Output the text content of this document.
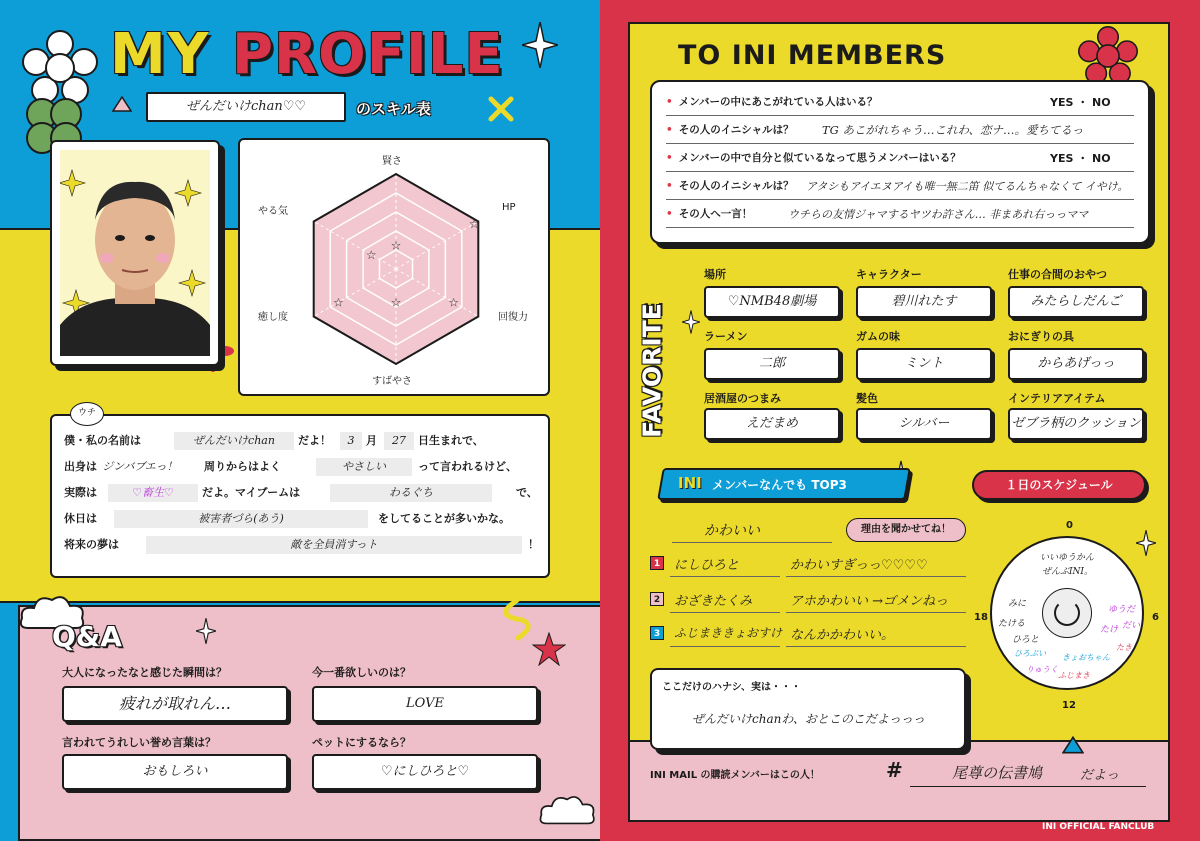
MY PROFILE
ぜんだいけchan♡♡	のスキル表
賢さ
HP
回復力
すばやさ
癒し度
やる気
☆
☆
☆
☆
☆
☆
ウチ
僕・私の名前は	ぜんだいけchan	だよ！	3	月	27	日生まれで、
出身は ジンバブエっ！ 周りからはよく	やさしい	って言われるけど、
実際は	♡畜生♡	だよ。マイブームは	わるぐち	で、
休日は	被害者づら(あう)	をしてることが多いかな。
将来の夢は	敵を全員消すっト	！
Q&A
大人になったなと感じた瞬間は？
疲れが取れん…
今一番欲しいのは？
LOVE
言われてうれしい誉め言葉は？
おもしろい
ペットにするなら？
♡にしひろと♡
TO INI MEMBERS
• メンバーの中にあこがれている人はいる？	YES ・ NO
• その人のイニシャルは？	TG あこがれちゃう…これわ、恋ナ…。愛ちてるっ
• メンバーの中で自分と似ているなって思うメンバーはいる？	YES ・ NO
• その人のイニシャルは？	アタシもアイエヌアイも唯一無二笛 似てるんちゃなくて イやけ。
• その人へ一言！	ウチらの友情ジャマするヤツわ許さん… 非まあれ右っっママ
FAVORITE
場所
♡NMB48劇場
キャラクター
碧川れたす
仕事の合間のおやつ
みたらしだんご
ラーメン
二郎
ガムの味
ミント
おにぎりの具
からあげっっ
居酒屋のつまみ
えだまめ
髪色
シルバー
インテリアアイテム
ゼブラ柄のクッション
INI メンバーなんでも TOP3
かわいい	理由を聞かせてね！
1 にしひろと	かわいすぎっっ♡♡♡♡
2 おざきたくみ	アホかわいい →ゴメンねっ
3	ふじまききょおすけ なんかかわいい。
１日のスケジュール
0
6
12
18
いいゆうかん
ぜんぶINI。
みに
たける
ひろと
ゆうだ
たけ だい
ひろぷい きょおちゃん
たき
りゅうく
ふじまき
ここだけのハナシ、実は・・・
ぜんだいけchanわ、おとこのこだよっっっ
INI MAIL の購読メンバーはこの人！	#	尾尊の伝書鳩	だよっ
INI OFFICIAL FANCLUB
